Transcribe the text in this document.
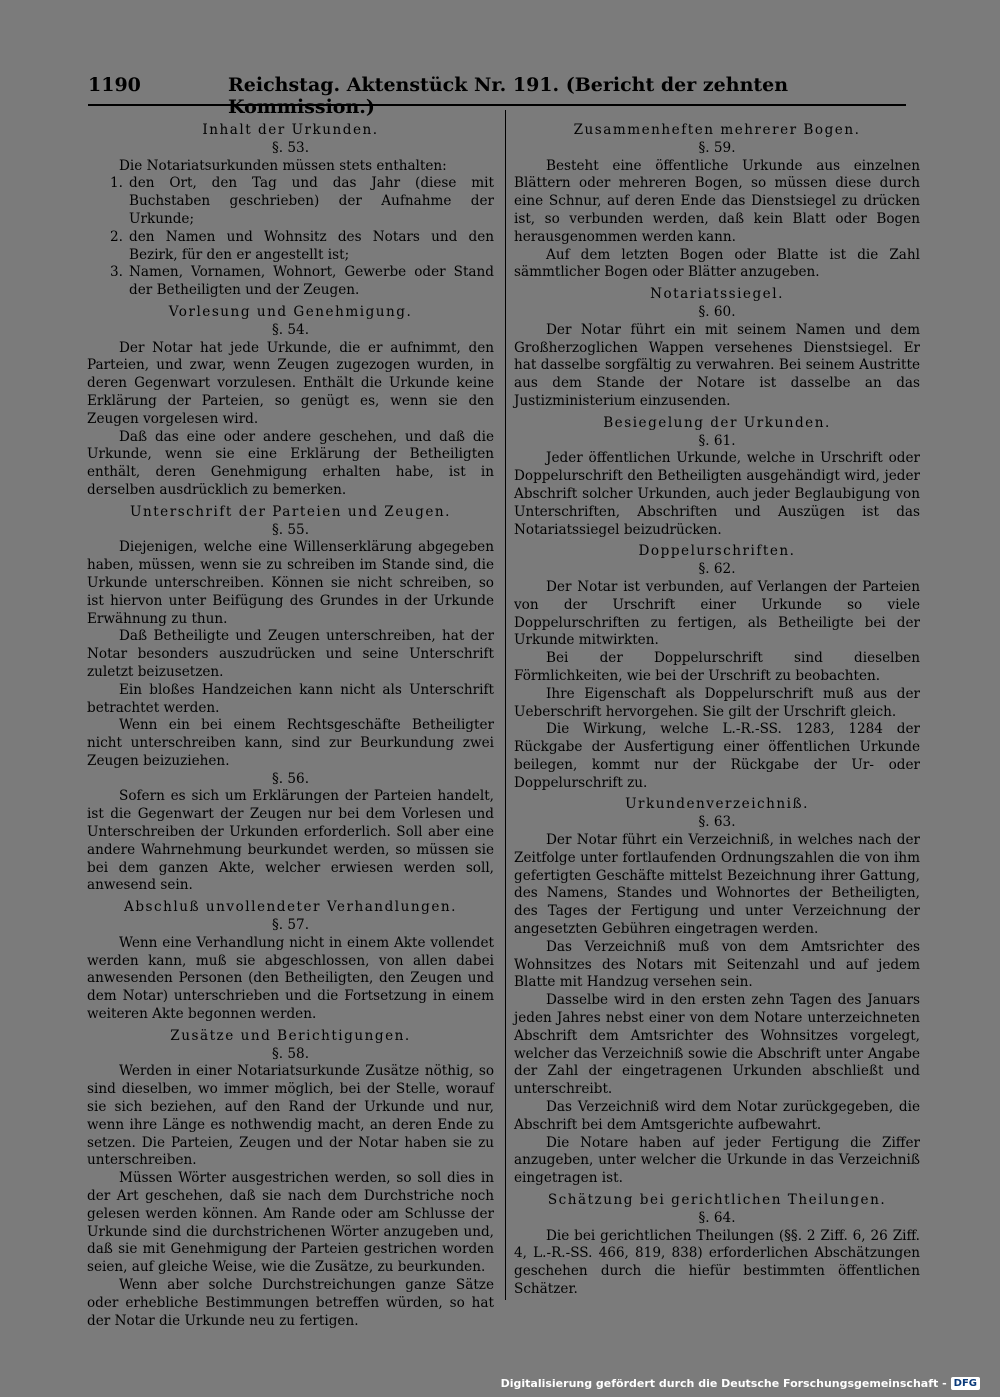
1190	Reichstag. Aktenstück Nr. 191. (Bericht der zehnten Kommission.)

Inhalt der Urkunden.

§. 53.

Die Notariatsurkunden müssen stets enthalten:

1. den Ort, den Tag und das Jahr (diese mit Buchstaben geschrieben) der Aufnahme der Urkunde;
2. den Namen und Wohnsitz des Notars und den Bezirk, für den er angestellt ist;
3. Namen, Vornamen, Wohnort, Gewerbe oder Stand der Betheiligten und der Zeugen.

Vorlesung und Genehmigung.

§. 54.

Der Notar hat jede Urkunde, die er aufnimmt, den Parteien, und zwar, wenn Zeugen zugezogen wurden, in deren Gegenwart vorzulesen. Enthält die Urkunde keine Erklärung der Parteien, so genügt es, wenn sie den Zeugen vorgelesen wird.

Daß das eine oder andere geschehen, und daß die Urkunde, wenn sie eine Erklärung der Betheiligten enthält, deren Genehmigung erhalten habe, ist in derselben ausdrücklich zu bemerken.

Unterschrift der Parteien und Zeugen.

§. 55.

Diejenigen, welche eine Willenserklärung abgegeben haben, müssen, wenn sie zu schreiben im Stande sind, die Urkunde unterschreiben. Können sie nicht schreiben, so ist hiervon unter Beifügung des Grundes in der Urkunde Erwähnung zu thun.

Daß Betheiligte und Zeugen unterschreiben, hat der Notar besonders auszudrücken und seine Unterschrift zuletzt beizusetzen.

Ein bloßes Handzeichen kann nicht als Unterschrift betrachtet werden.

Wenn ein bei einem Rechtsgeschäfte Betheiligter nicht unterschreiben kann, sind zur Beurkundung zwei Zeugen beizuziehen.

§. 56.

Sofern es sich um Erklärungen der Parteien handelt, ist die Gegenwart der Zeugen nur bei dem Vorlesen und Unterschreiben der Urkunden erforderlich. Soll aber eine andere Wahrnehmung beurkundet werden, so müssen sie bei dem ganzen Akte, welcher erwiesen werden soll, anwesend sein.

Abschluß unvollendeter Verhandlungen.

§. 57.

Wenn eine Verhandlung nicht in einem Akte vollendet werden kann, muß sie abgeschlossen, von allen dabei anwesenden Personen (den Betheiligten, den Zeugen und dem Notar) unterschrieben und die Fortsetzung in einem weiteren Akte begonnen werden.

Zusätze und Berichtigungen.

§. 58.

Werden in einer Notariatsurkunde Zusätze nöthig, so sind dieselben, wo immer möglich, bei der Stelle, worauf sie sich beziehen, auf den Rand der Urkunde und nur, wenn ihre Länge es nothwendig macht, an deren Ende zu setzen. Die Parteien, Zeugen und der Notar haben sie zu unterschreiben.

Müssen Wörter ausgestrichen werden, so soll dies in der Art geschehen, daß sie nach dem Durchstriche noch gelesen werden können. Am Rande oder am Schlusse der Urkunde sind die durchstrichenen Wörter anzugeben und, daß sie mit Genehmigung der Parteien gestrichen worden seien, auf gleiche Weise, wie die Zusätze, zu beurkunden.

Wenn aber solche Durchstreichungen ganze Sätze oder erhebliche Bestimmungen betreffen würden, so hat der Notar die Urkunde neu zu fertigen.

Zusammenheften mehrerer Bogen.

§. 59.

Besteht eine öffentliche Urkunde aus einzelnen Blättern oder mehreren Bogen, so müssen diese durch eine Schnur, auf deren Ende das Dienstsiegel zu drücken ist, so verbunden werden, daß kein Blatt oder Bogen herausgenommen werden kann.

Auf dem letzten Bogen oder Blatte ist die Zahl sämmtlicher Bogen oder Blätter anzugeben.

Notariatssiegel.

§. 60.

Der Notar führt ein mit seinem Namen und dem Großherzoglichen Wappen versehenes Dienstsiegel. Er hat dasselbe sorgfältig zu verwahren. Bei seinem Austritte aus dem Stande der Notare ist dasselbe an das Justizministerium einzusenden.

Besiegelung der Urkunden.

§. 61.

Jeder öffentlichen Urkunde, welche in Urschrift oder Doppelurschrift den Betheiligten ausgehändigt wird, jeder Abschrift solcher Urkunden, auch jeder Beglaubigung von Unterschriften, Abschriften und Auszügen ist das Notariatssiegel beizudrücken.

Doppelurschriften.

§. 62.

Der Notar ist verbunden, auf Verlangen der Parteien von der Urschrift einer Urkunde so viele Doppelurschriften zu fertigen, als Betheiligte bei der Urkunde mitwirkten.

Bei der Doppelurschrift sind dieselben Förmlichkeiten, wie bei der Urschrift zu beobachten.

Ihre Eigenschaft als Doppelurschrift muß aus der Ueberschrift hervorgehen. Sie gilt der Urschrift gleich.

Die Wirkung, welche L.-R.-SS. 1283, 1284 der Rückgabe der Ausfertigung einer öffentlichen Urkunde beilegen, kommt nur der Rückgabe der Ur- oder Doppelurschrift zu.

Urkundenverzeichniß.

§. 63.

Der Notar führt ein Verzeichniß, in welches nach der Zeitfolge unter fortlaufenden Ordnungszahlen die von ihm gefertigten Geschäfte mittelst Bezeichnung ihrer Gattung, des Namens, Standes und Wohnortes der Betheiligten, des Tages der Fertigung und unter Verzeichnung der angesetzten Gebühren eingetragen werden.

Das Verzeichniß muß von dem Amtsrichter des Wohnsitzes des Notars mit Seitenzahl und auf jedem Blatte mit Handzug versehen sein.

Dasselbe wird in den ersten zehn Tagen des Januars jeden Jahres nebst einer von dem Notare unterzeichneten Abschrift dem Amtsrichter des Wohnsitzes vorgelegt, welcher das Verzeichniß sowie die Abschrift unter Angabe der Zahl der eingetragenen Urkunden abschließt und unterschreibt.

Das Verzeichniß wird dem Notar zurückgegeben, die Abschrift bei dem Amtsgerichte aufbewahrt.

Die Notare haben auf jeder Fertigung die Ziffer anzugeben, unter welcher die Urkunde in das Verzeichniß eingetragen ist.

Schätzung bei gerichtlichen Theilungen.

§. 64.

Die bei gerichtlichen Theilungen (§§. 2 Ziff. 6, 26 Ziff. 4, L.-R.-SS. 466, 819, 838) erforderlichen Abschätzungen geschehen durch die hiefür bestimmten öffentlichen Schätzer.

Digitalisierung gefördert durch die Deutsche Forschungsgemeinschaft - DFG
